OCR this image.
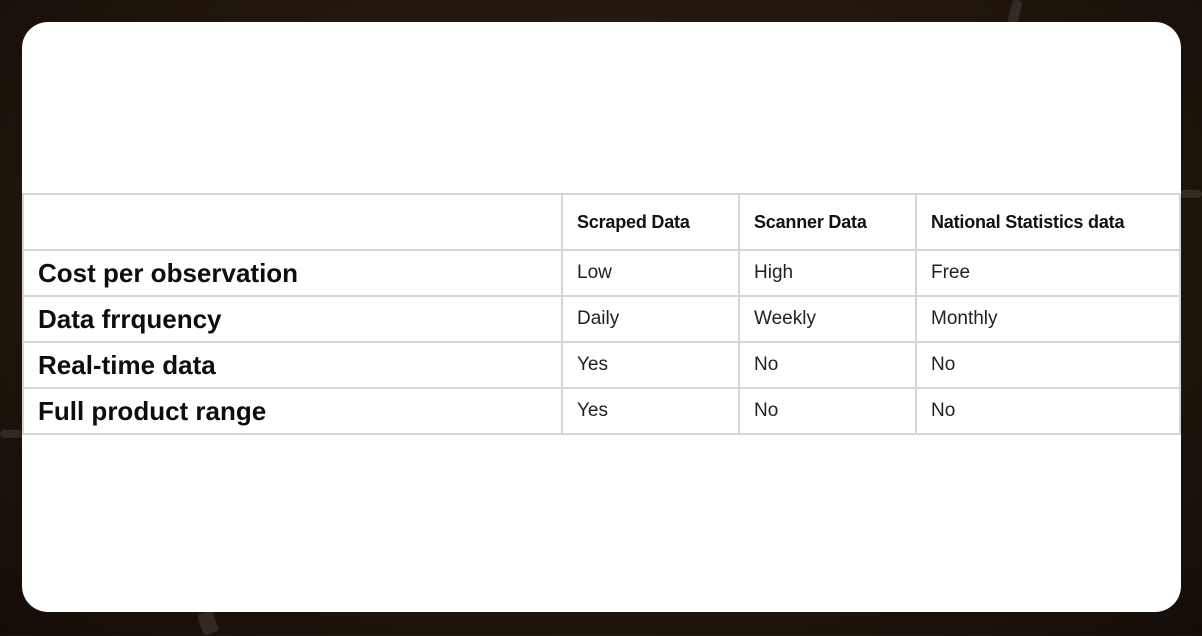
	Scraped Data	Scanner Data	National Statistics data
Cost per observation	Low	High	Free
Data frrquency	Daily	Weekly	Monthly
Real-time data	Yes	No	No
Full product range	Yes	No	No
